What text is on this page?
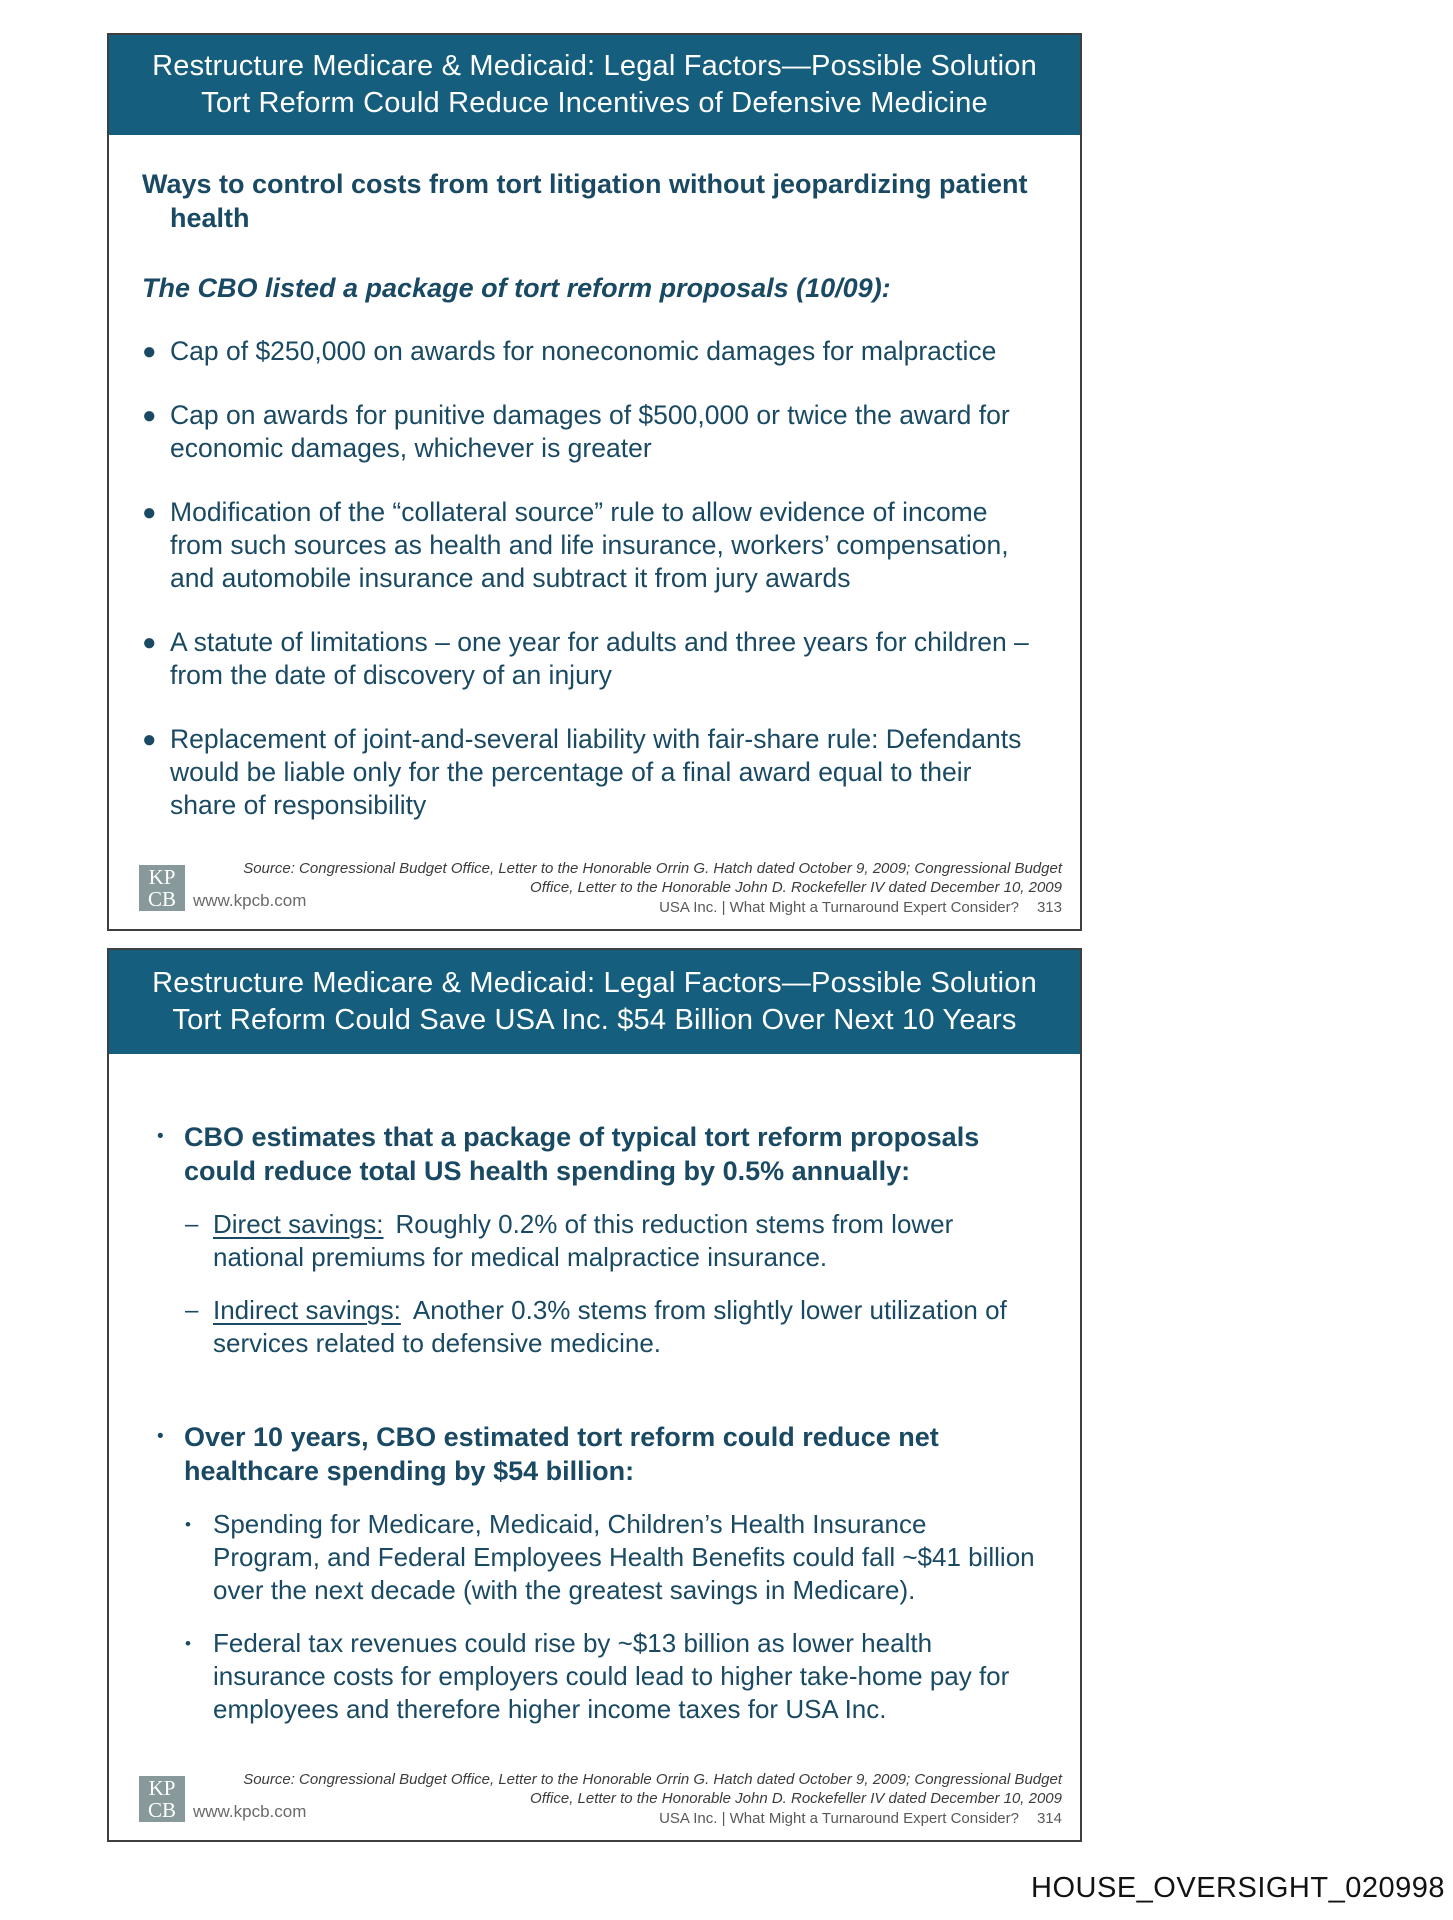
Restructure Medicare & Medicaid: Legal Factors—Possible Solution
Tort Reform Could Reduce Incentives of Defensive Medicine
Ways to control costs from tort litigation without jeopardizing patient
health
The CBO listed a package of tort reform proposals (10/09):
● Cap of $250,000 on awards for noneconomic damages for malpractice
● Cap on awards for punitive damages of $500,000 or twice the award for economic damages, whichever is greater
● Modification of the “collateral source” rule to allow evidence of income from such sources as health and life insurance, workers’ compensation, and automobile insurance and subtract it from jury awards
● A statute of limitations – one year for adults and three years for children – from the date of discovery of an injury
● Replacement of joint-and-several liability with fair-share rule: Defendants would be liable only for the percentage of a final award equal to their share of responsibility
KP
CB	www.kpcb.com
Source: Congressional Budget Office, Letter to the Honorable Orrin G. Hatch dated October 9, 2009; Congressional Budget
Office, Letter to the Honorable John D. Rockefeller IV dated December 10, 2009
USA Inc. | What Might a Turnaround Expert Consider? 313
Restructure Medicare & Medicaid: Legal Factors—Possible Solution
Tort Reform Could Save USA Inc. $54 Billion Over Next 10 Years
• CBO estimates that a package of typical tort reform proposals could reduce total US health spending by 0.5% annually:
– Direct savings: Roughly 0.2% of this reduction stems from lower national premiums for medical malpractice insurance.
– Indirect savings: Another 0.3% stems from slightly lower utilization of services related to defensive medicine.
• Over 10 years, CBO estimated tort reform could reduce net healthcare spending by $54 billion:
• Spending for Medicare, Medicaid, Children’s Health Insurance Program, and Federal Employees Health Benefits could fall ~$41 billion over the next decade (with the greatest savings in Medicare).
• Federal tax revenues could rise by ~$13 billion as lower health insurance costs for employers could lead to higher take-home pay for employees and therefore higher income taxes for USA Inc.
KP
CB	www.kpcb.com
Source: Congressional Budget Office, Letter to the Honorable Orrin G. Hatch dated October 9, 2009; Congressional Budget
Office, Letter to the Honorable John D. Rockefeller IV dated December 10, 2009
USA Inc. | What Might a Turnaround Expert Consider? 314
HOUSE_OVERSIGHT_020998
